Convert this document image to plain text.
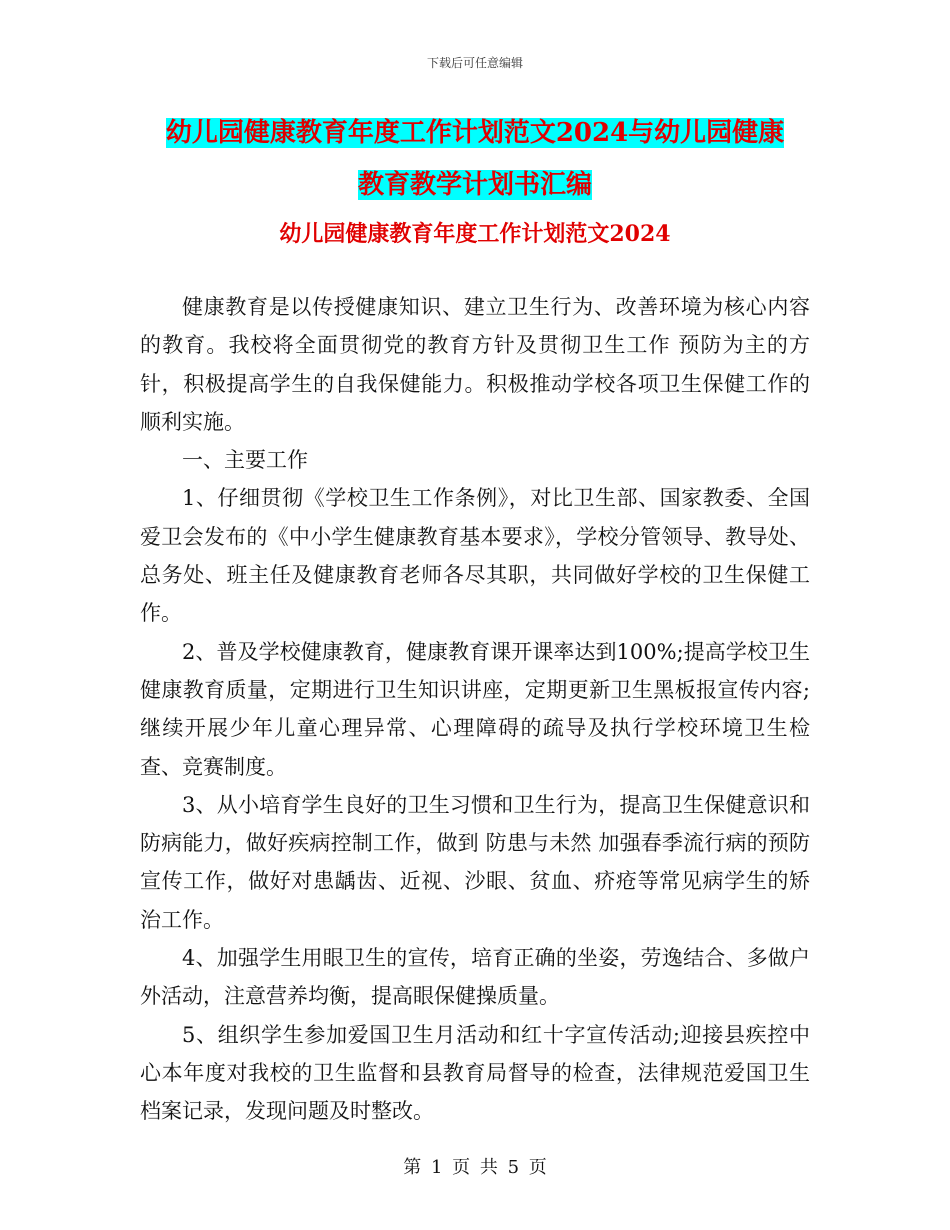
下载后可任意编辑
幼儿园健康教育年度工作计划范文2024与幼儿园健康
教育教学计划书汇编
幼儿园健康教育年度工作计划范文2024

健康教育是以传授健康知识、建立卫生行为、改善环境为核心内容的教育。我校将全面贯彻党的教育方针及贯彻卫生工作 预防为主的方针，积极提高学生的自我保健能力。积极推动学校各项卫生保健工作的顺利实施。

一、主要工作

1、仔细贯彻《学校卫生工作条例》，对比卫生部、国家教委、全国爱卫会发布的《中小学生健康教育基本要求》，学校分管领导、教导处、总务处、班主任及健康教育老师各尽其职，共同做好学校的卫生保健工作。

2、普及学校健康教育，健康教育课开课率达到100%;提高学校卫生健康教育质量，定期进行卫生知识讲座，定期更新卫生黑板报宣传内容;继续开展少年儿童心理异常、心理障碍的疏导及执行学校环境卫生检查、竞赛制度。

3、从小培育学生良好的卫生习惯和卫生行为，提高卫生保健意识和防病能力，做好疾病控制工作，做到 防患与未然 加强春季流行病的预防宣传工作，做好对患龋齿、近视、沙眼、贫血、疥疮等常见病学生的矫治工作。

4、加强学生用眼卫生的宣传，培育正确的坐姿，劳逸结合、多做户外活动，注意营养均衡，提高眼保健操质量。

5、组织学生参加爱国卫生月活动和红十字宣传活动;迎接县疾控中心本年度对我校的卫生监督和县教育局督导的检查，法律规范爱国卫生档案记录，发现问题及时整改。

第 1 页 共 5 页
